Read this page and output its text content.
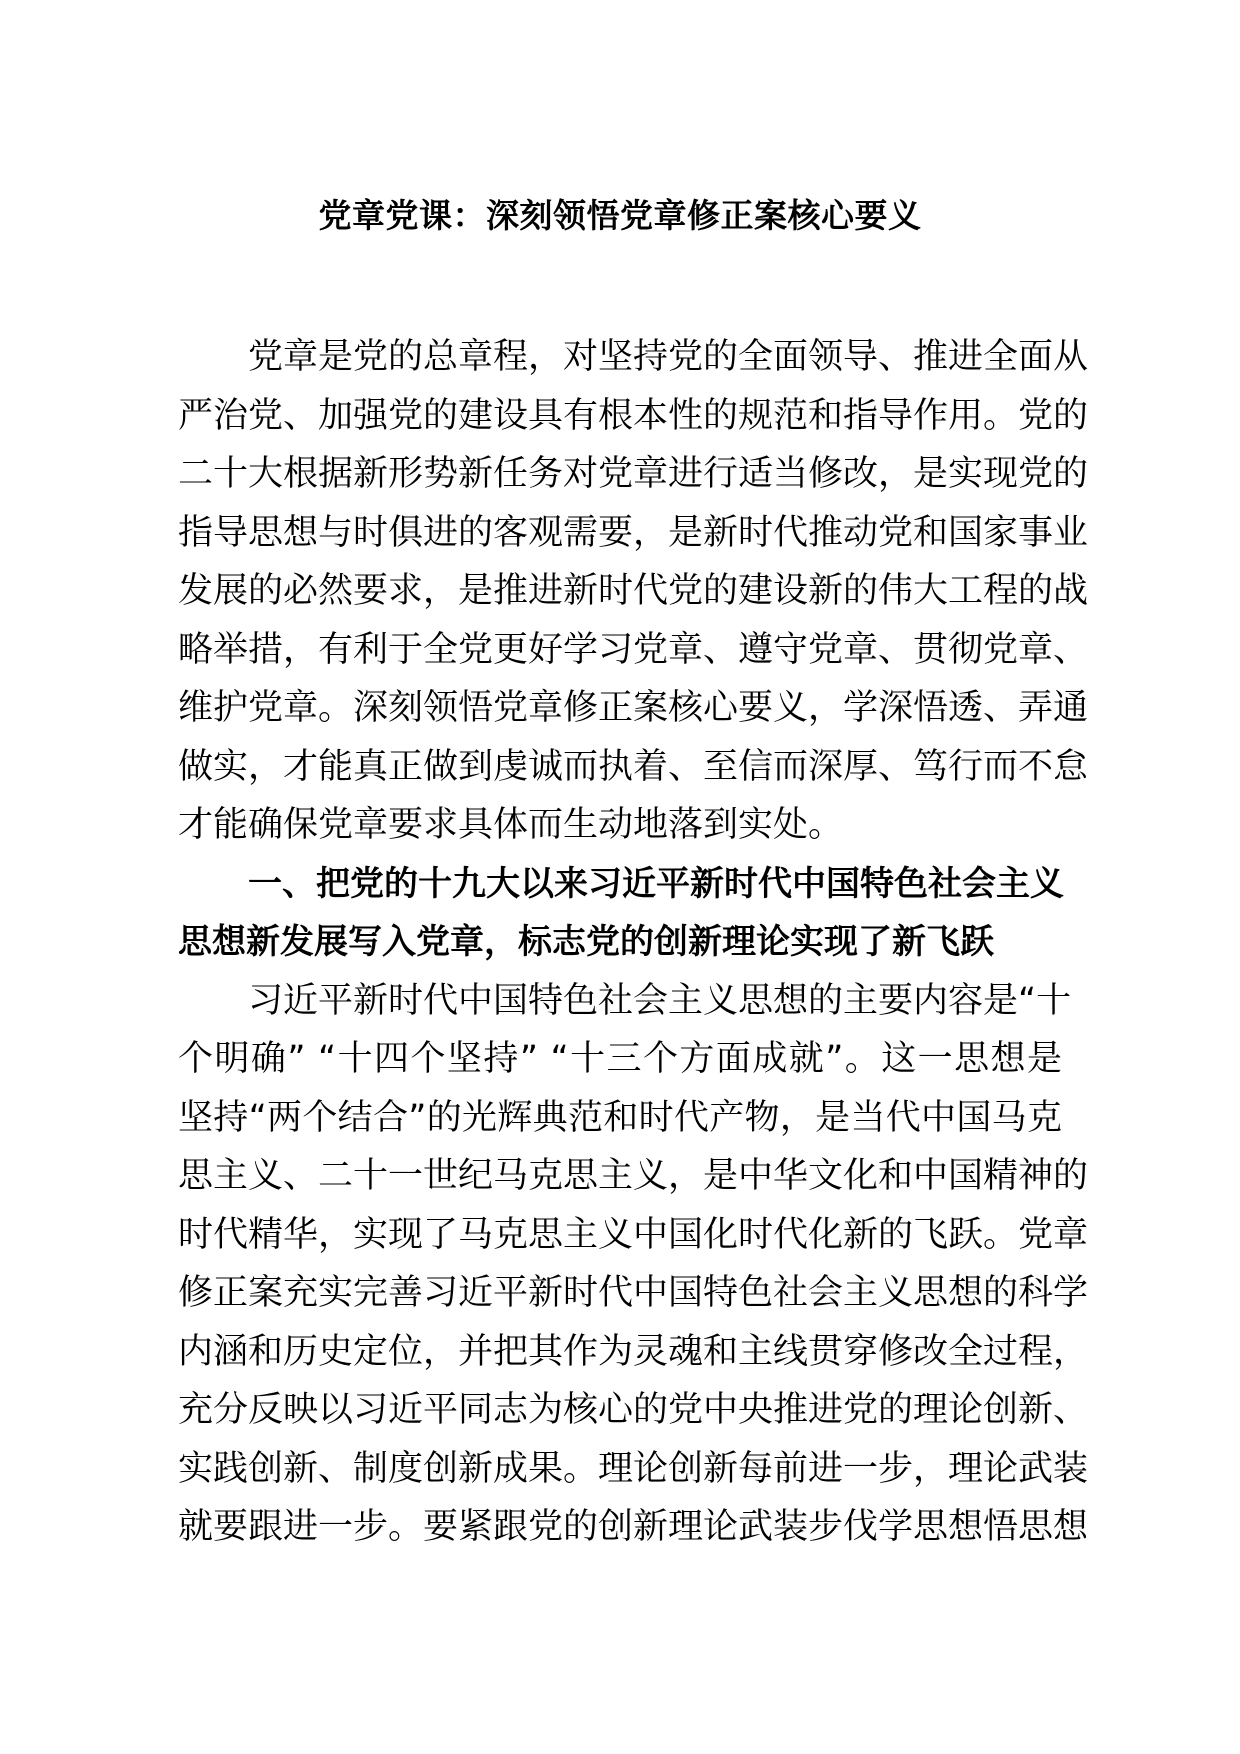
党章党课：深刻领悟党章修正案核心要义
党章是党的总章程，对坚持党的全面领导、推进全面从
严治党、加强党的建设具有根本性的规范和指导作用。党的
二十大根据新形势新任务对党章进行适当修改，是实现党的
指导思想与时俱进的客观需要，是新时代推动党和国家事业
发展的必然要求，是推进新时代党的建设新的伟大工程的战
略举措，有利于全党更好学习党章、遵守党章、贯彻党章、
维护党章。深刻领悟党章修正案核心要义，学深悟透、弄通
做实，才能真正做到虔诚而执着、至信而深厚、笃行而不怠
才能确保党章要求具体而生动地落到实处。
一、把党的十九大以来习近平新时代中国特色社会主义
思想新发展写入党章，标志党的创新理论实现了新飞跃
习近平新时代中国特色社会主义思想的主要内容是“十
个明确” “十四个坚持” “十三个方面成就”。这一思想是
坚持“两个结合”的光辉典范和时代产物，是当代中国马克
思主义、二十一世纪马克思主义，是中华文化和中国精神的
时代精华，实现了马克思主义中国化时代化新的飞跃。党章
修正案充实完善习近平新时代中国特色社会主义思想的科学
内涵和历史定位，并把其作为灵魂和主线贯穿修改全过程，
充分反映以习近平同志为核心的党中央推进党的理论创新、
实践创新、制度创新成果。理论创新每前进一步，理论武装
就要跟进一步。要紧跟党的创新理论武装步伐学思想悟思想
